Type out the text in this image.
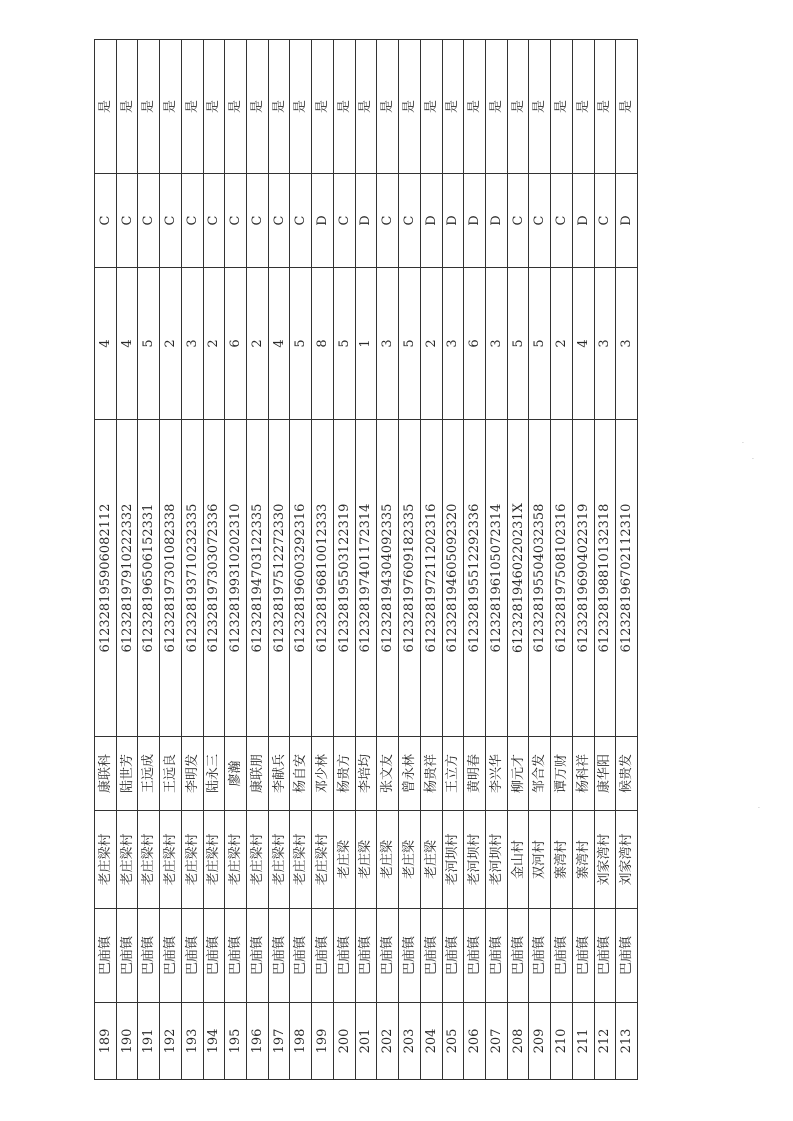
189	巴庙镇	老庄梁村	康联科	612328195906082112	4	C	是
190	巴庙镇	老庄梁村	陆世芳	612328197910222332	4	C	是
191	巴庙镇	老庄梁村	王远成	612328196506152331	5	C	是
192	巴庙镇	老庄梁村	王远良	612328197301082338	2	C	是
193	巴庙镇	老庄梁村	李明发	612328193710232335	3	C	是
194	巴庙镇	老庄梁村	陆永三	612328197303072336	2	C	是
195	巴庙镇	老庄梁村	廖瀚	612328199310202310	6	C	是
196	巴庙镇	老庄梁村	康联朋	612328194703122335	2	C	是
197	巴庙镇	老庄梁村	李献兵	612328197512272330	4	C	是
198	巴庙镇	老庄梁村	杨自安	612328196003292316	5	C	是
199	巴庙镇	老庄梁村	邓少林	612328196810012333	8	D	是
200	巴庙镇	老庄梁	杨贵方	612328195503122319	5	C	是
201	巴庙镇	老庄梁	李培均	612328197401172314	1	D	是
202	巴庙镇	老庄梁	张文友	612328194304092335	3	C	是
203	巴庙镇	老庄梁	曾永林	612328197609182335	5	C	是
204	巴庙镇	老庄梁	杨贵祥	612328197211202316	2	D	是
205	巴庙镇	老河坝村	王立方	612328194605092320	3	D	是
206	巴庙镇	老河坝村	黄明春	612328195512292336	6	D	是
207	巴庙镇	老河坝村	李兴华	612328196105072314	3	D	是
208	巴庙镇	金山村	柳元才	61232819460220231X	5	C	是
209	巴庙镇	双河村	邹合发	612328195504032358	5	C	是
210	巴庙镇	寨湾村	谭万财	612328197508102316	2	C	是
211	巴庙镇	寨湾村	杨科祥	612328196904022319	4	D	是
212	巴庙镇	刘家湾村	康华阳	612328198810132318	3	C	是
213	巴庙镇	刘家湾村	候贵发	612328196702112310	3	D	是
·
·
·
